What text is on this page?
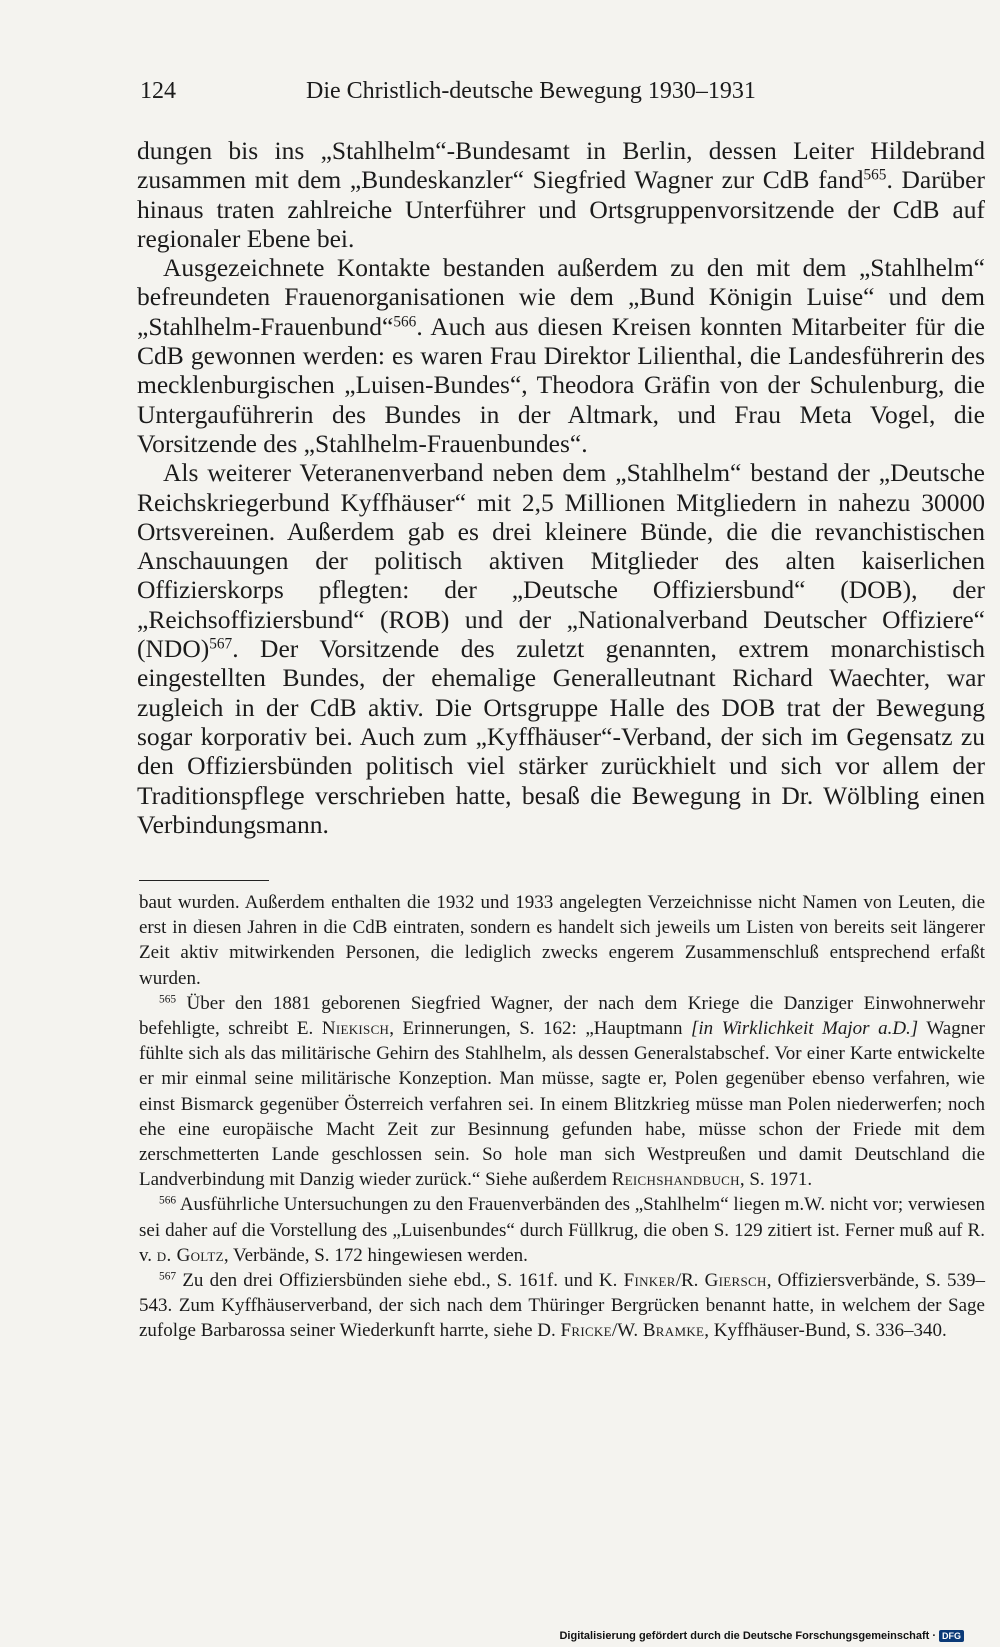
124	Die Christlich-deutsche Bewegung 1930–1931

dungen bis ins „Stahlhelm“-Bundesamt in Berlin, dessen Leiter Hildebrand zusammen mit dem „Bundeskanzler“ Siegfried Wagner zur CdB fand$^{565}$. Darüber hinaus traten zahlreiche Unterführer und Ortsgruppenvorsitzende der CdB auf regionaler Ebene bei.

Ausgezeichnete Kontakte bestanden außerdem zu den mit dem „Stahlhelm“ befreundeten Frauenorganisationen wie dem „Bund Königin Luise“ und dem „Stahlhelm-Frauenbund“$^{566}$. Auch aus diesen Kreisen konnten Mitarbeiter für die CdB gewonnen werden: es waren Frau Direktor Lilienthal, die Landesführerin des mecklenburgischen „Luisen-Bundes“, Theodora Gräfin von der Schulenburg, die Untergauführerin des Bundes in der Altmark, und Frau Meta Vogel, die Vorsitzende des „Stahlhelm-Frauenbundes“.

Als weiterer Veteranenverband neben dem „Stahlhelm“ bestand der „Deutsche Reichskriegerbund Kyffhäuser“ mit 2,5 Millionen Mitgliedern in nahezu 30000 Ortsvereinen. Außerdem gab es drei kleinere Bünde, die die revanchistischen Anschauungen der politisch aktiven Mitglieder des alten kaiserlichen Offizierskorps pflegten: der „Deutsche Offiziersbund“ (DOB), der „Reichsoffiziersbund“ (ROB) und der „Nationalverband Deutscher Offiziere“ (NDO)$^{567}$. Der Vorsitzende des zuletzt genannten, extrem monarchistisch eingestellten Bundes, der ehemalige Generalleutnant Richard Waechter, war zugleich in der CdB aktiv. Die Ortsgruppe Halle des DOB trat der Bewegung sogar korporativ bei. Auch zum „Kyffhäuser“-Verband, der sich im Gegensatz zu den Offiziersbünden politisch viel stärker zurückhielt und sich vor allem der Traditionspflege verschrieben hatte, besaß die Bewegung in Dr. Wölbling einen Verbindungsmann.

baut wurden. Außerdem enthalten die 1932 und 1933 angelegten Verzeichnisse nicht Namen von Leuten, die erst in diesen Jahren in die CdB eintraten, sondern es handelt sich jeweils um Listen von bereits seit längerer Zeit aktiv mitwirkenden Personen, die lediglich zwecks engerem Zusammenschluß entsprechend erfaßt wurden.

$^{565}$ Über den 1881 geborenen Siegfried Wagner, der nach dem Kriege die Danziger Einwohnerwehr befehligte, schreibt E. Niekisch, Erinnerungen, S. 162: „Hauptmann [in Wirklichkeit Major a.D.] Wagner fühlte sich als das militärische Gehirn des Stahlhelm, als dessen Generalstabschef. Vor einer Karte entwickelte er mir einmal seine militärische Konzeption. Man müsse, sagte er, Polen gegenüber ebenso verfahren, wie einst Bismarck gegenüber Österreich verfahren sei. In einem Blitzkrieg müsse man Polen niederwerfen; noch ehe eine europäische Macht Zeit zur Besinnung gefunden habe, müsse schon der Friede mit dem zerschmetterten Lande geschlossen sein. So hole man sich Westpreußen und damit Deutschland die Landverbindung mit Danzig wieder zurück.“ Siehe außerdem Reichshandbuch, S. 1971.

$^{566}$ Ausführliche Untersuchungen zu den Frauenverbänden des „Stahlhelm“ liegen m.W. nicht vor; verwiesen sei daher auf die Vorstellung des „Luisenbundes“ durch Füllkrug, die oben S. 129 zitiert ist. Ferner muß auf R. v. d. Goltz, Verbände, S. 172 hingewiesen werden.

$^{567}$ Zu den drei Offiziersbünden siehe ebd., S. 161f. und K. Finker/R. Giersch, Offiziersverbände, S. 539–543. Zum Kyffhäuserverband, der sich nach dem Thüringer Bergrücken benannt hatte, in welchem der Sage zufolge Barbarossa seiner Wiederkunft harrte, siehe D. Fricke/W. Bramke, Kyffhäuser-Bund, S. 336–340.

Digitalisierung gefördert durch die Deutsche Forschungsgemeinschaft · DFG
